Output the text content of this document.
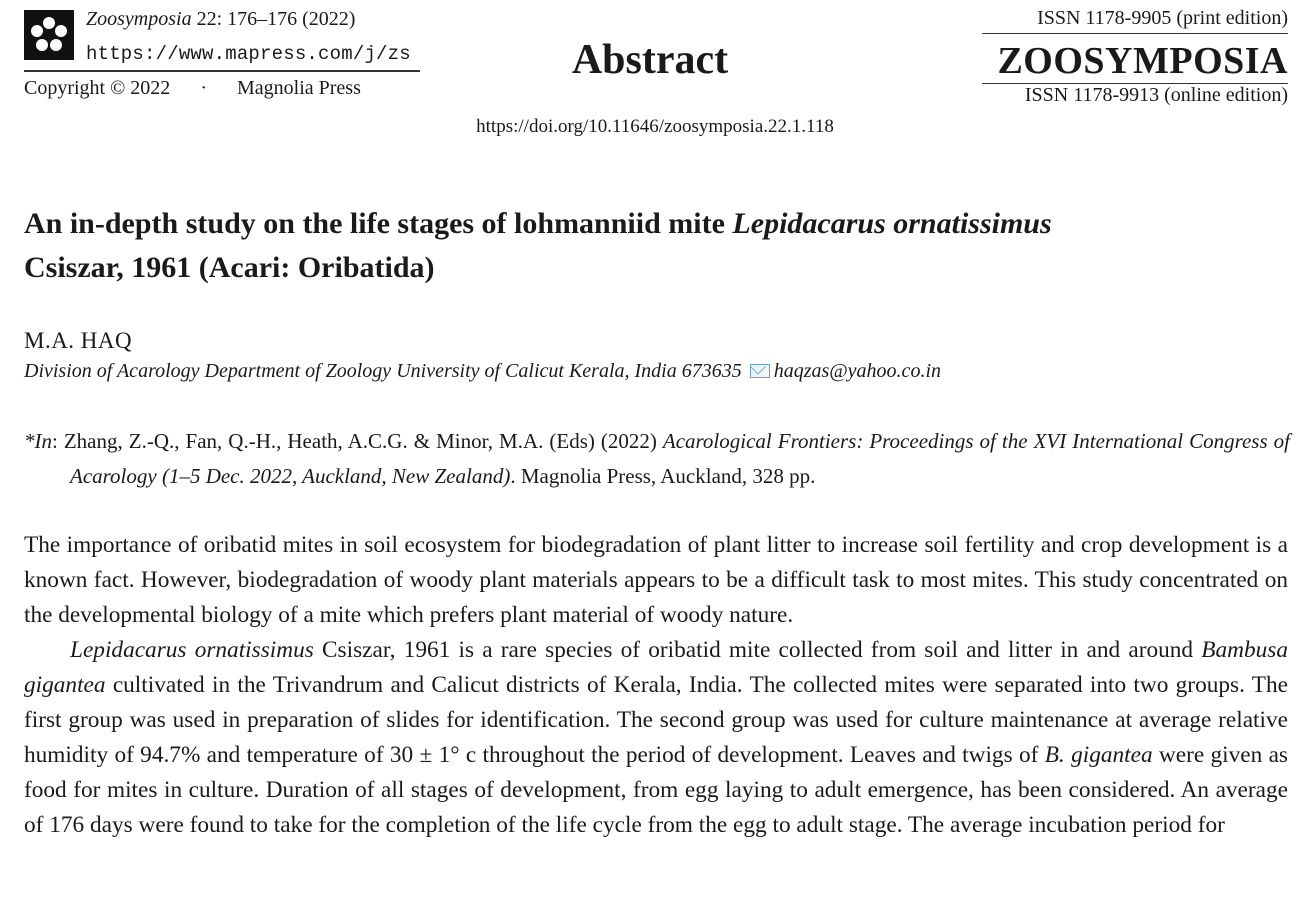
Zoosymposia 22: 176–176 (2022)
https://www.mapress.com/j/zs
Copyright © 2022 · Magnolia Press
Abstract
https://doi.org/10.11646/zoosymposia.22.1.118
ISSN 1178-9905 (print edition)
ZOOSYMPOSIA
ISSN 1178-9913 (online edition)
An in-depth study on the life stages of lohmanniid mite Lepidacarus ornatissimus
Csiszar, 1961 (Acari: Oribatida)
M.A. HAQ
Division of Acarology Department of Zoology University of Calicut Kerala, India 673635 haqzas@yahoo.co.in
*In: Zhang, Z.-Q., Fan, Q.-H., Heath, A.C.G. & Minor, M.A. (Eds) (2022) Acarological Frontiers: Proceedings of the XVI International Congress of Acarology (1–5 Dec. 2022, Auckland, New Zealand). Magnolia Press, Auckland, 328 pp.

The importance of oribatid mites in soil ecosystem for biodegradation of plant litter to increase soil fertility and crop development is a known fact. However, biodegradation of woody plant materials appears to be a difficult task to most mites. This study concentrated on the developmental biology of a mite which prefers plant material of woody nature.

Lepidacarus ornatissimus Csiszar, 1961 is a rare species of oribatid mite collected from soil and litter in and around Bambusa gigantea cultivated in the Trivandrum and Calicut districts of Kerala, India. The collected mites were separated into two groups. The first group was used in preparation of slides for identification. The second group was used for culture maintenance at average relative humidity of 94.7% and temperature of 30 ± 1° c throughout the period of development. Leaves and twigs of B. gigantea were given as food for mites in culture. Duration of all stages of development, from egg laying to adult emergence, has been considered. An average of 176 days were found to take for the completion of the life cycle from the egg to adult stage. The average incubation period for
